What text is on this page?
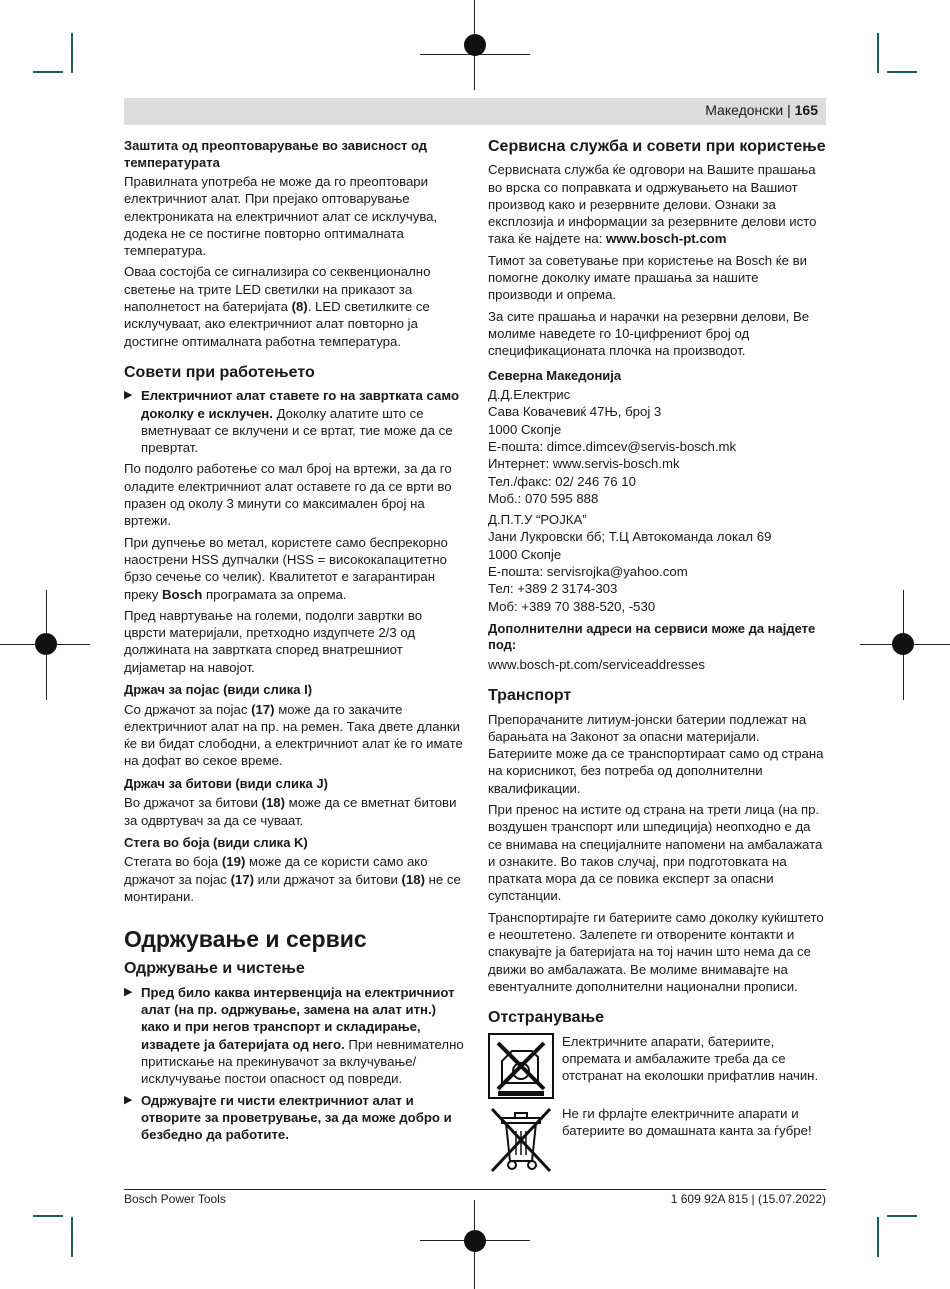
Македонски | 165
Заштита од преоптоварување во зависност од температурата

Правилната употреба не може да го преоптовари електричниот алат. При прејако оптоварување електрониката на електричниот алат се исклучува, додека не се постигне повторно оптималната температура.

Оваа состојба се сигнализира со секвенционално светење на трите LED светилки на приказот за наполнетост на батеријата (8). LED светилките се исклучуваат, ако електричниот алат повторно ја достигне оптималната работна температура.

Совети при работењето
▶ Електричниот алат ставете го на завртката само доколку е исклучен. Доколку алатите што се вметнуваат се вклучени и се вртат, тие може да се превртат.

По подолго работење со мал број на вртежи, за да го оладите електричниот алат оставете го да се врти во празен од околу 3 минути со максимален број на вртежи.

При дупчење во метал, користете само беспрекорно наострени HSS дупчалки (HSS = висококапацитетно брзо сечење со челик). Квалитетот е загарантиран преку Bosch програмата за опрема.

Пред навртување на големи, подолги завртки во цврсти материјали, претходно издупчете 2/3 од должината на завртката според внатрешниот дијаметар на навојот.

Држач за појас (види слика I)

Со држачот за појас (17) може да го закачите електричниот алат на пр. на ремен. Така двете дланки ќе ви бидат слободни, а електричниот алат ќе го имате на дофат во секое време.

Држач за битови (види слика J)

Во држачот за битови (18) може да се вметнат битови за одвртувач за да се чуваат.

Стега во боја (види слика K)

Стегата во боја (19) може да се користи само ако држачот за појас (17) или држачот за битови (18) не се монтирани.

Одржување и сервис
Одржување и чистење
▶ Пред било каква интервенција на електричниот алат (на пр. одржување, замена на алат итн.) како и при негов транспорт и складирање, извадете ја батеријата од него. При невнимателно притискање на прекинувачот за вклучување/исклучување постои опасност од повреди.
▶ Одржувајте ги чисти електричниот алат и отворите за проветрување, за да може добро и безбедно да работите.
Сервисна служба и совети при користење

Сервисната служба ќе одговори на Вашите прашања во врска со поправката и одржувањето на Вашиот производ како и резервните делови. Ознаки за експлозија и информации за резервните делови исто така ќе најдете на: www.bosch-pt.com

Тимот за советување при користење на Bosch ќе ви помогне доколку имате прашања за нашите производи и опрема.

За сите прашања и нарачки на резервни делови, Ве молиме наведете го 10-цифрениот број од спецификационата плочка на производот.

Северна Македонија
Д.Д.Електрис
Сава Ковачевиќ 47Њ, број 3
1000 Скопје
Е-пошта: dimce.dimcev@servis-bosch.mk
Интернет: www.servis-bosch.mk
Тел./факс: 02/ 246 76 10
Моб.: 070 595 888
Д.П.Т.У “РОЈКА”
Јани Лукровски бб; Т.Ц Автокоманда локал 69
1000 Скопје
Е-пошта: servisrojka@yahoo.com
Тел: +389 2 3174-303
Моб: +389 70 388-520, -530
Дополнителни адреси на сервиси може да најдете под:

www.bosch-pt.com/serviceaddresses

Транспорт

Препорачаните литиум-јонски батерии подлежат на барањата на Законот за опасни материјали. Батериите може да се транспортираат само од страна на корисникот, без потреба од дополнителни квалификации.

При пренос на истите од страна на трети лица (на пр. воздушен транспорт или шпедиција) неопходно е да се внимава на специјалните напомени на амбалажата и ознаките. Во таков случај, при подготовката на пратката мора да се повика експерт за опасни супстанции.

Транспортирајте ги батериите само доколку куќиштето е неоштетено. Залепете ги отворените контакти и спакувајте ја батеријата на тој начин што нема да се движи во амбалажата. Ве молиме внимавајте на евентуалните дополнителни национални прописи.

Отстранување
Електричните апарати, батериите, опремата и амбалажите треба да се отстранат на еколошки прифатлив начин.
Не ги фрлајте електричните апарати и батериите во домашната канта за ѓубре!
Bosch Power Tools	1 609 92A 815 | (15.07.2022)
